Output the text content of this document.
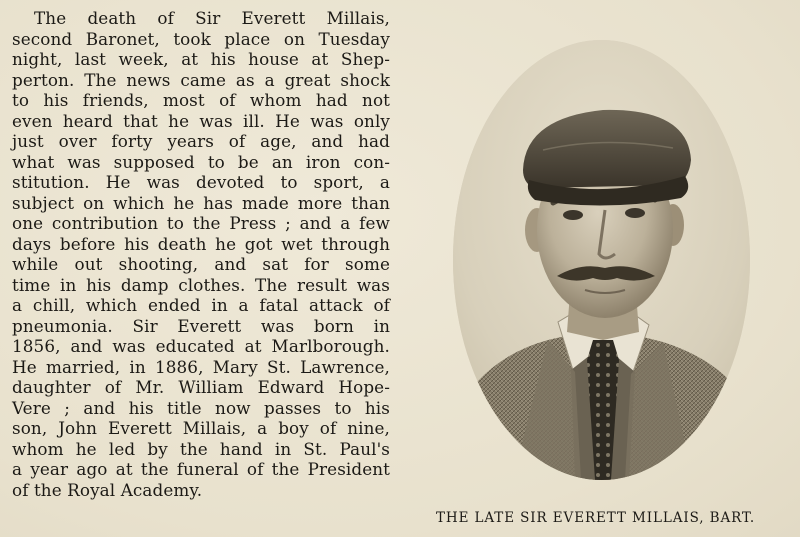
The death of Sir Everett Millais,
second Baronet, took place on Tuesday
night, last week, at his house at Shep-
perton. The news came as a great shock
to his friends, most of whom had not
even heard that he was ill. He was only
just over forty years of age, and had
what was supposed to be an iron con-
stitution. He was devoted to sport, a
subject on which he has made more than
one contribution to the Press ; and a few
days before his death he got wet through
while out shooting, and sat for some
time in his damp clothes. The result was
a chill, which ended in a fatal attack of
pneumonia. Sir Everett was born in
1856, and was educated at Marlborough.
He married, in 1886, Mary St. Lawrence,
daughter of Mr. William Edward Hope-
Vere ; and his title now passes to his
son, John Everett Millais, a boy of nine,
whom he led by the hand in St. Paul's
a year ago at the funeral of the President
of the Royal Academy.
THE LATE SIR EVERETT MILLAIS, BART.
